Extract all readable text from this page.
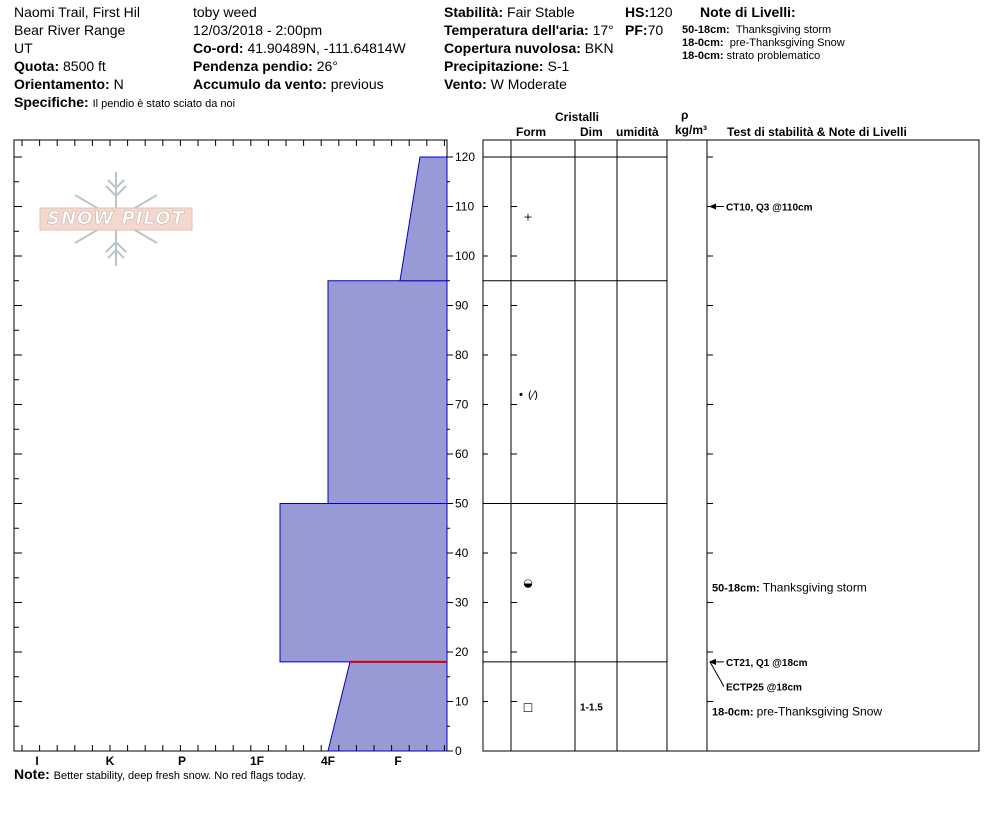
Naomi Trail, First Hil
Bear River Range
UT
Quota: 8500 ft
Orientamento: N
Specifiche: Il pendio è stato sciato da noi
toby weed
12/03/2018 - 2:00pm
Co-ord: 41.90489N, -111.64814W
Pendenza pendio: 26°
Accumulo da vento: previous
Stabilità: Fair Stable
Temperatura dell'aria: 17°
Copertura nuvolosa: BKN
Precipitazione: S-1
Vento: W Moderate
HS:120
PF:70
Note di Livelli:
50-18cm: Thanksgiving storm
18-0cm: pre-Thanksgiving Snow
18-0cm: strato problematico
Cristalli
Form	Dim umidità
ρ
kg/m³ Test di stabilità & Note di Livelli
SNOW PILOT
I	K	P	1F	4F	F
0
10
20
30
40
50
60
70
80
90
100
110
120
+
• (⁄)
◒
□	1-1.5
CT10, Q3 @110cm
CT21, Q1 @18cm
ECTP25 @18cm
50-18cm: Thanksgiving storm
18-0cm: pre-Thanksgiving Snow
Note: Better stability, deep fresh snow. No red flags today.
